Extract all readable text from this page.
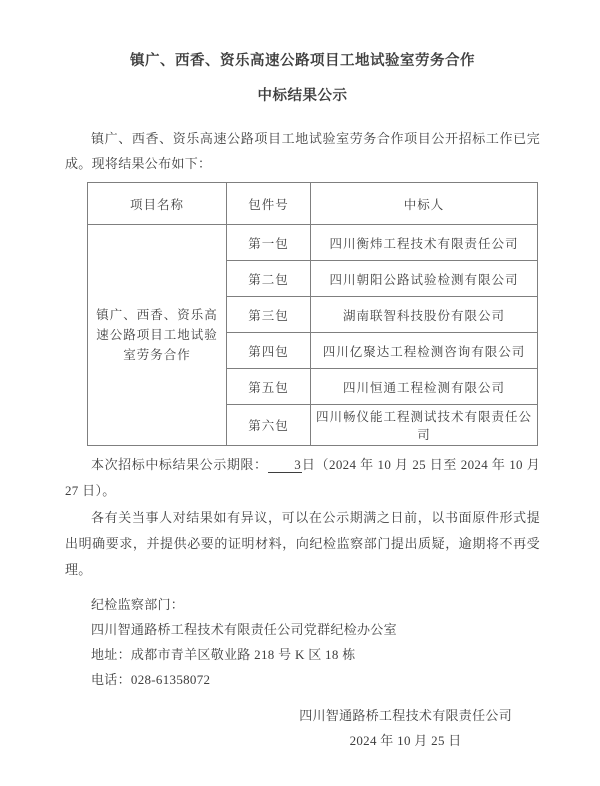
镇广、西香、资乐高速公路项目工地试验室劳务合作
中标结果公示

镇广、西香、资乐高速公路项目工地试验室劳务合作项目公开招标工作已完成。现将结果公布如下：

项目名称	包件号	中标人
镇广、西香、资乐高速公路项目工地试验室劳务合作	第一包	四川衡炜工程技术有限责任公司
	第二包	四川朝阳公路试验检测有限公司
	第三包	湖南联智科技股份有限公司
	第四包	四川亿聚达工程检测咨询有限公司
	第五包	四川恒通工程检测有限公司
	第六包	四川畅仪能工程测试技术有限责任公司

本次招标中标结果公示期限： 3日（2024 年 10 月 25 日至 2024 年 10 月 27 日）。

各有关当事人对结果如有异议，可以在公示期满之日前，以书面原件形式提出明确要求，并提供必要的证明材料，向纪检监察部门提出质疑，逾期将不再受理。

纪检监察部门：
四川智通路桥工程技术有限责任公司党群纪检办公室
地址：成都市青羊区敬业路 218 号 K 区 18 栋
电话：028-61358072
四川智通路桥工程技术有限责任公司
2024 年 10 月 25 日
